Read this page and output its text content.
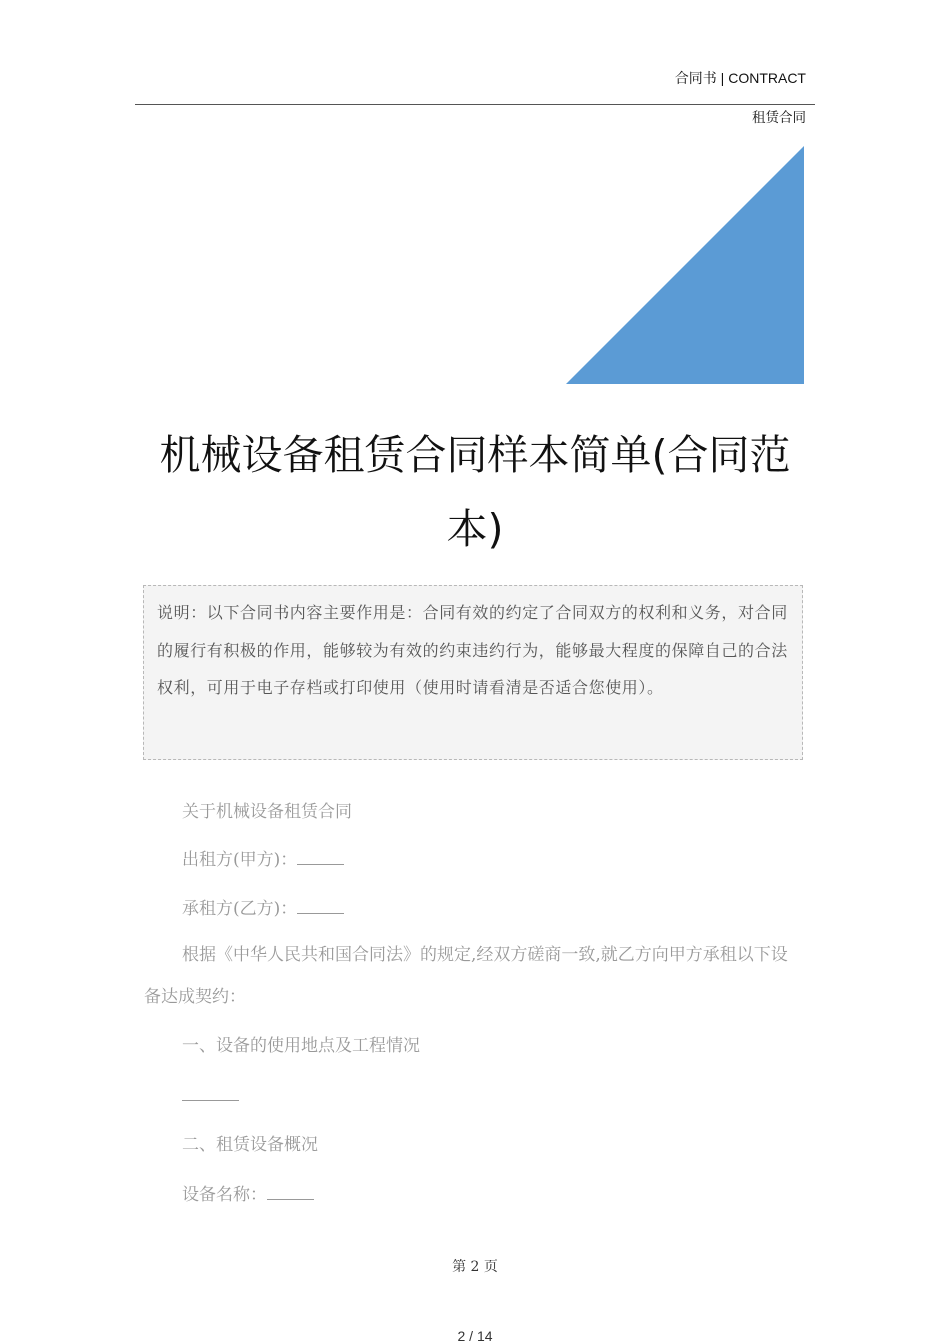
合同书 | CONTRACT
租赁合同
机械设备租赁合同样本简单(合同范
本)
说明：以下合同书内容主要作用是：合同有效的约定了合同双方的权利和义务，对合同的履行有积极的作用，能够较为有效的约束违约行为，能够最大程度的保障自己的合法权利，可用于电子存档或打印使用（使用时请看清是否适合您使用）。
关于机械设备租赁合同
出租方(甲方)：
承租方(乙方)：
根据《中华人民共和国合同法》的规定,经双方磋商一致,就乙方向甲方承租以下设备达成契约：
一、设备的使用地点及工程情况
二、租赁设备概况
设备名称：
第 2 页
2 / 14
